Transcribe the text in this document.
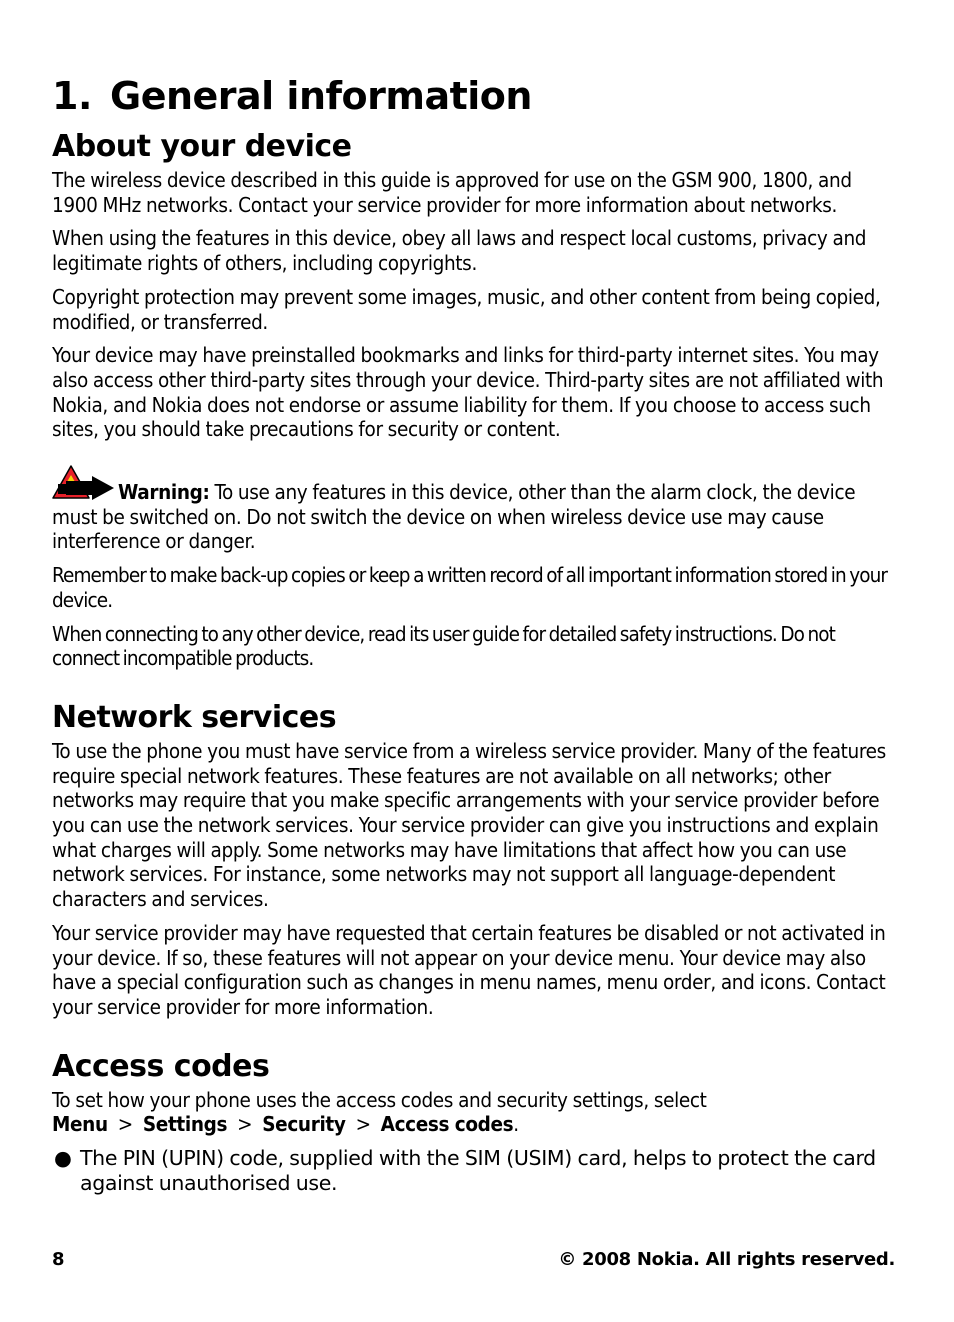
1. General information
About your device

The wireless device described in this guide is approved for use on the GSM 900, 1800, and 1900 MHz networks. Contact your service provider for more information about networks.

When using the features in this device, obey all laws and respect local customs, privacy and legitimate rights of others, including copyrights.

Copyright protection may prevent some images, music, and other content from being copied, modified, or transferred.

Your device may have preinstalled bookmarks and links for third-party internet sites. You may also access other third-party sites through your device. Third-party sites are not affiliated with Nokia, and Nokia does not endorse or assume liability for them. If you choose to access such sites, you should take precautions for security or content.

Warning: To use any features in this device, other than the alarm clock, the device must be switched on. Do not switch the device on when wireless device use may cause interference or danger.

Remember to make back-up copies or keep a written record of all important information stored in your device.

When connecting to any other device, read its user guide for detailed safety instructions. Do not connect incompatible products.

Network services

To use the phone you must have service from a wireless service provider. Many of the features require special network features. These features are not available on all networks; other networks may require that you make specific arrangements with your service provider before you can use the network services. Your service provider can give you instructions and explain what charges will apply. Some networks may have limitations that affect how you can use network services. For instance, some networks may not support all language-dependent characters and services.

Your service provider may have requested that certain features be disabled or not activated in your device. If so, these features will not appear on your device menu. Your device may also have a special configuration such as changes in menu names, menu order, and icons. Contact your service provider for more information.

Access codes

To set how your phone uses the access codes and security settings, select Menu > Settings > Security > Access codes.

● The PIN (UPIN) code, supplied with the SIM (USIM) card, helps to protect the card against unauthorised use.
8	© 2008 Nokia. All rights reserved.
